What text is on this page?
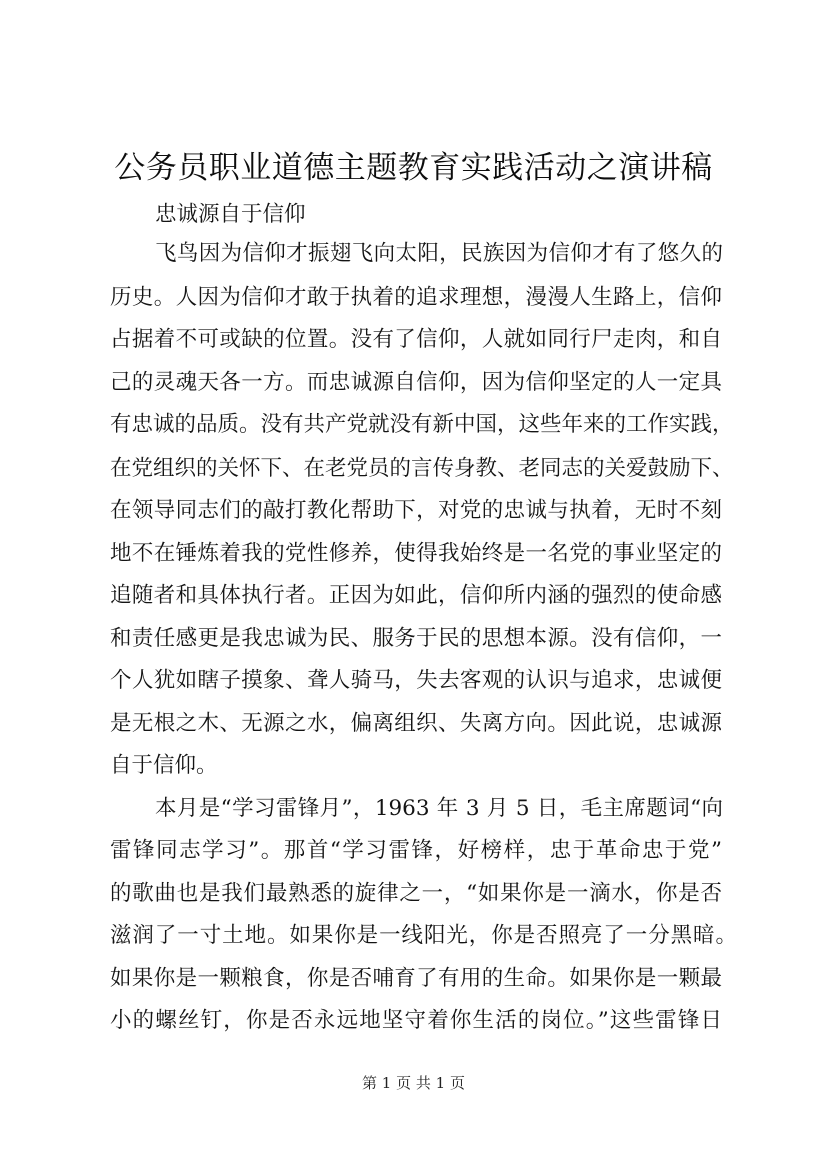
公务员职业道德主题教育实践活动之演讲稿
忠诚源自于信仰
飞鸟因为信仰才振翅飞向太阳，民族因为信仰才有了悠久的
历史。人因为信仰才敢于执着的追求理想，漫漫人生路上，信仰
占据着不可或缺的位置。没有了信仰，人就如同行尸走肉，和自
己的灵魂天各一方。而忠诚源自信仰，因为信仰坚定的人一定具
有忠诚的品质。没有共产党就没有新中国，这些年来的工作实践，
在党组织的关怀下、在老党员的言传身教、老同志的关爱鼓励下、
在领导同志们的敲打教化帮助下，对党的忠诚与执着，无时不刻
地不在锤炼着我的党性修养，使得我始终是一名党的事业坚定的
追随者和具体执行者。正因为如此，信仰所内涵的强烈的使命感
和责任感更是我忠诚为民、服务于民的思想本源。没有信仰，一
个人犹如瞎子摸象、聋人骑马，失去客观的认识与追求，忠诚便
是无根之木、无源之水，偏离组织、失离方向。因此说，忠诚源
自于信仰。
本月是“学习雷锋月”，1963 年 3 月 5 日，毛主席题词“向
雷锋同志学习”。那首“学习雷锋，好榜样，忠于革命忠于党”
的歌曲也是我们最熟悉的旋律之一，“如果你是一滴水，你是否
滋润了一寸土地。如果你是一线阳光，你是否照亮了一分黑暗。
如果你是一颗粮食，你是否哺育了有用的生命。如果你是一颗最
小的螺丝钉，你是否永远地坚守着你生活的岗位。”这些雷锋日
第 1 页 共 1 页
